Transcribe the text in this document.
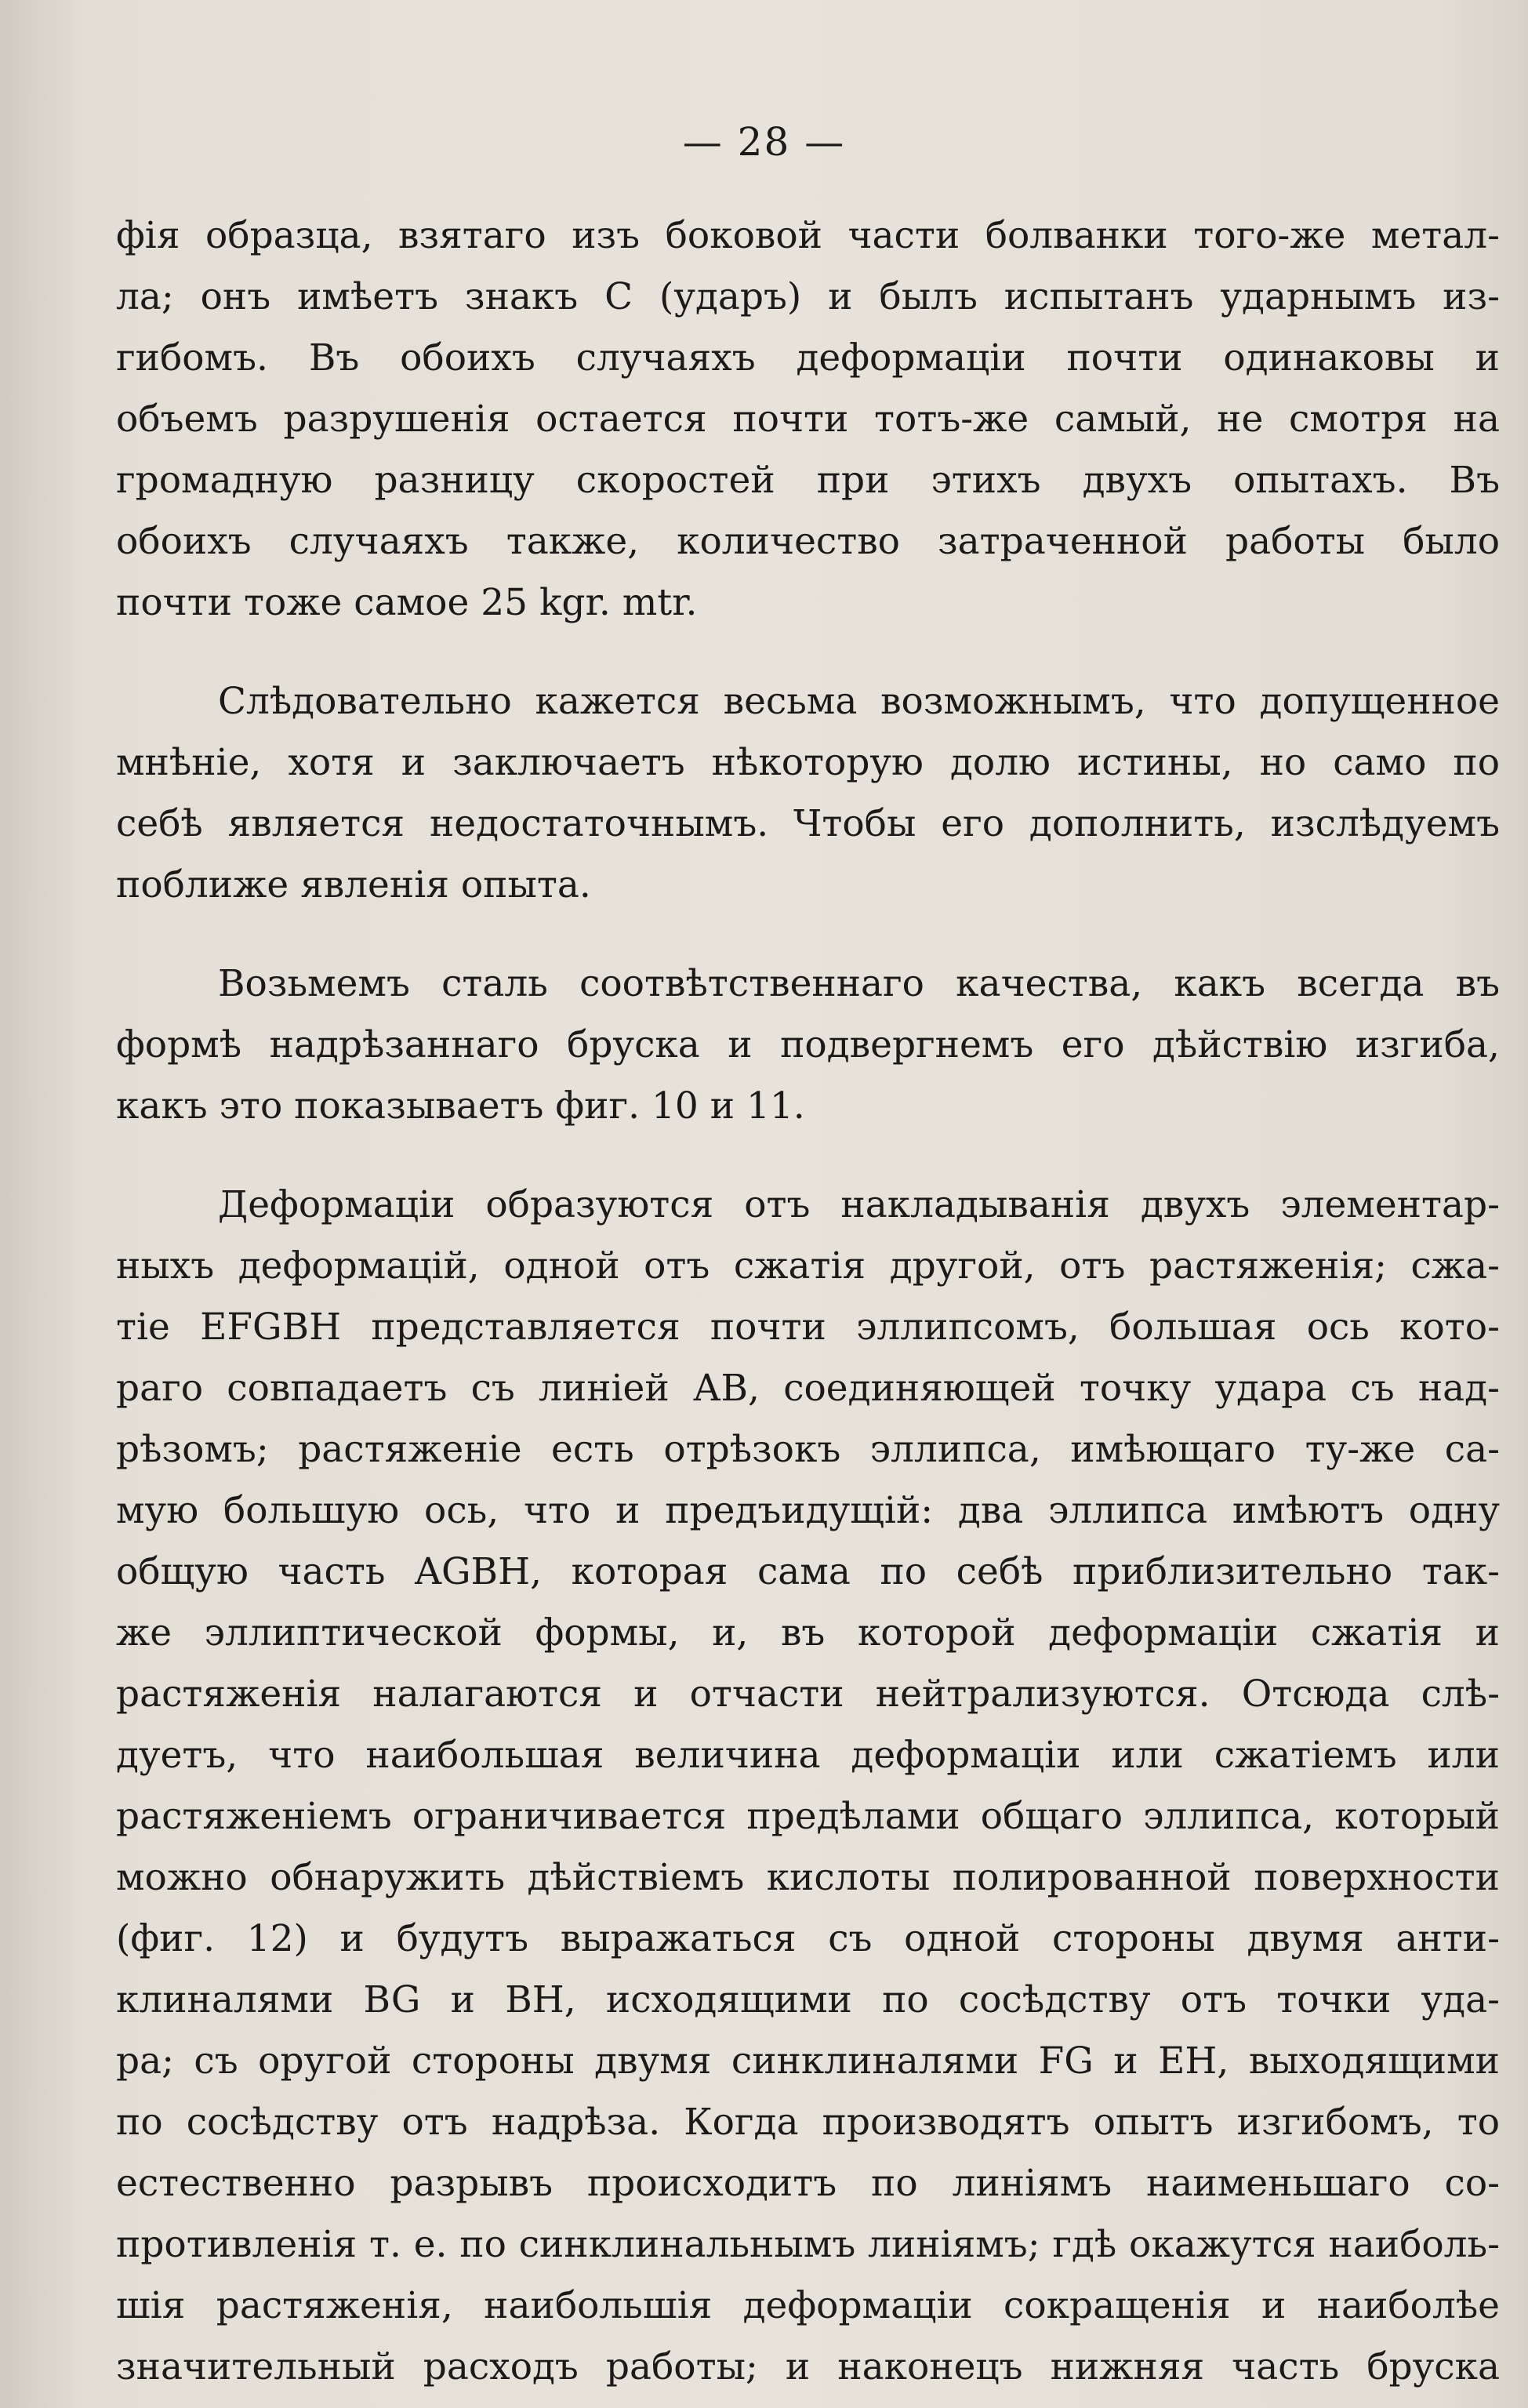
— 28 —
фія образца, взятаго изъ боковой части болванки того-же метал-
ла; онъ имѣетъ знакъ С (ударъ) и былъ испытанъ ударнымъ из-
гибомъ. Въ обоихъ случаяхъ деформаціи почти одинаковы и
объемъ разрушенія остается почти тотъ-же самый, не смотря на
громадную разницу скоростей при этихъ двухъ опытахъ. Въ
обоихъ случаяхъ также, количество затраченной работы было
почти тоже самое 25 kgr. mtr.
Слѣдовательно кажется весьма возможнымъ, что допущенное
мнѣніе, хотя и заключаетъ нѣкоторую долю истины, но само по
себѣ является недостаточнымъ. Чтобы его дополнить, изслѣдуемъ
поближе явленія опыта.
Возьмемъ сталь соотвѣтственнаго качества, какъ всегда въ
формѣ надрѣзаннаго бруска и подвергнемъ его дѣйствію изгиба,
какъ это показываетъ фиг. 10 и 11.
Деформаціи образуются отъ накладыванія двухъ элементар-
ныхъ деформацій, одной отъ сжатія другой, отъ растяженія; сжа-
тіе EFGBH представляется почти эллипсомъ, большая ось кото-
раго совпадаетъ съ линіей АВ, соединяющей точку удара съ над-
рѣзомъ; растяженіе есть отрѣзокъ эллипса, имѣющаго ту-же са-
мую большую ось, что и предъидущій: два эллипса имѣютъ одну
общую часть AGBH, которая сама по себѣ приблизительно так-
же эллиптической формы, и, въ которой деформаціи сжатія и
растяженія налагаются и отчасти нейтрализуются. Отсюда слѣ-
дуетъ, что наибольшая величина деформаціи или сжатіемъ или
растяженіемъ ограничивается предѣлами общаго эллипса, который
можно обнаружить дѣйствіемъ кислоты полированной поверхности
(фиг. 12) и будутъ выражаться съ одной стороны двумя анти-
клиналями BG и BH, исходящими по сосѣдству отъ точки уда-
ра; съ оругой стороны двумя синклиналями FG и EH, выходящими
по сосѣдству отъ надрѣза. Когда производятъ опытъ изгибомъ, то
естественно разрывъ происходитъ по линіямъ наименьшаго со-
противленія т. е. по синклинальнымъ линіямъ; гдѣ окажутся наиболь-
шія растяженія, наибольшія деформаціи сокращенія и наиболѣе
значительный расходъ работы; и наконецъ нижняя часть бруска
